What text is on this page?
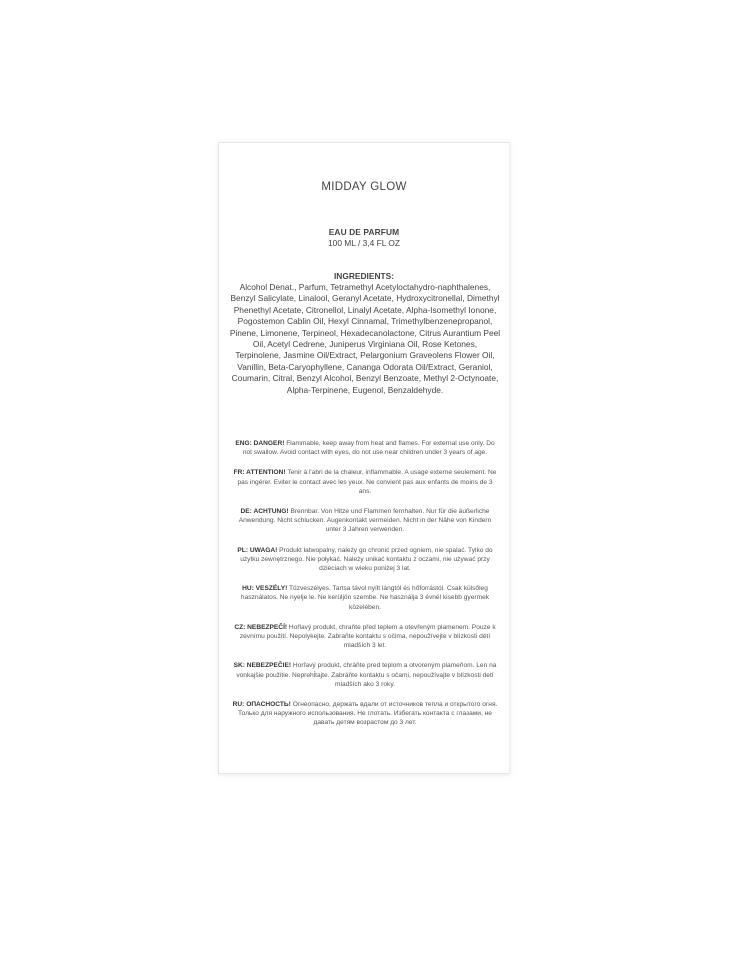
MIDDAY GLOW
EAU DE PARFUM
100 ML / 3,4 FL OZ
INGREDIENTS:
Alcohol Denat., Parfum, Tetramethyl Acetyloctahydro-naphthalenes, Benzyl Salicylate, Linalool, Geranyl Acetate, Hydroxycitronellal, Dimethyl Phenethyl Acetate, Citronellol, Linalyl Acetate, Alpha-Isomethyl Ionone, Pogostemon Cablin Oil, Hexyl Cinnamal, Trimethylbenzenepropanol, Pinene, Limonene, Terpineol, Hexadecanolactone, Citrus Aurantium Peel Oil, Acetyl Cedrene, Juniperus Virginiana Oil, Rose Ketones, Terpinolene, Jasmine Oil/Extract, Pelargonium Graveolens Flower Oil, Vanillin, Beta-Caryophyllene, Cananga Odorata Oil/Extract, Geraniol, Coumarin, Citral, Benzyl Alcohol, Benzyl Benzoate, Methyl 2-Octynoate, Alpha-Terpinene, Eugenol, Benzaldehyde.

ENG: DANGER! Flammable, keep away from heat and flames. For external use only. Do not swallow. Avoid contact with eyes, do not use near children under 3 years of age.

FR: ATTENTION! Tenir à l'abri de la chaleur, inflammable. A usage externe seulement. Ne pas ingérer. Eviter le contact avec les yeux. Ne convient pas aux enfants de moins de 3 ans.

DE: ACHTUNG! Brennbar. Von Hitze und Flammen fernhalten. Nur für die äußerliche Anwendung. Nicht schlucken. Augenkontakt vermeiden. Nicht in der Nähe von Kindern unter 3 Jahren verwenden.

PL: UWAGA! Produkt łatwopalny, należy go chronić przed ogniem, nie spalać. Tylko do użytku zewnętrznego. Nie połykać. Należy unikać kontaktu z oczami, nie używać przy dzieciach w wieku poniżej 3 lat.

HU: VESZÉLY! Tűzveszélyes. Tartsa távol nyílt lángtól és hőforrástól. Csak külsőleg használatos. Ne nyelje le. Ne kerüljön szembe. Ne használja 3 évnél kisebb gyermek közelében.

CZ: NEBEZPEČÍ! Hořlavý produkt, chraňte před teplem a otevřeným plamenem. Pouze k zevnímu použití. Nepolykejte. Zabraňte kontaktu s očima, nepoužívejte v blízkosti dětí mladších 3 let.

SK: NEBEZPEČIE! Horľavý produkt, chráňte pred teplom a otvoreným plameňom. Len na vonkajšie použitie. Neprehĺtajte. Zabráňte kontaktu s očami, nepoužívajte v blízkosti detí mladších ako 3 roky.

RU: ОПАСНОСТЬ! Огнеопасно, держать вдали от источников тепла и открытого огня. Только для наружного использования. Не глотать. Избегать контакта с глазами, не давать детям возрастом до 3 лет.
